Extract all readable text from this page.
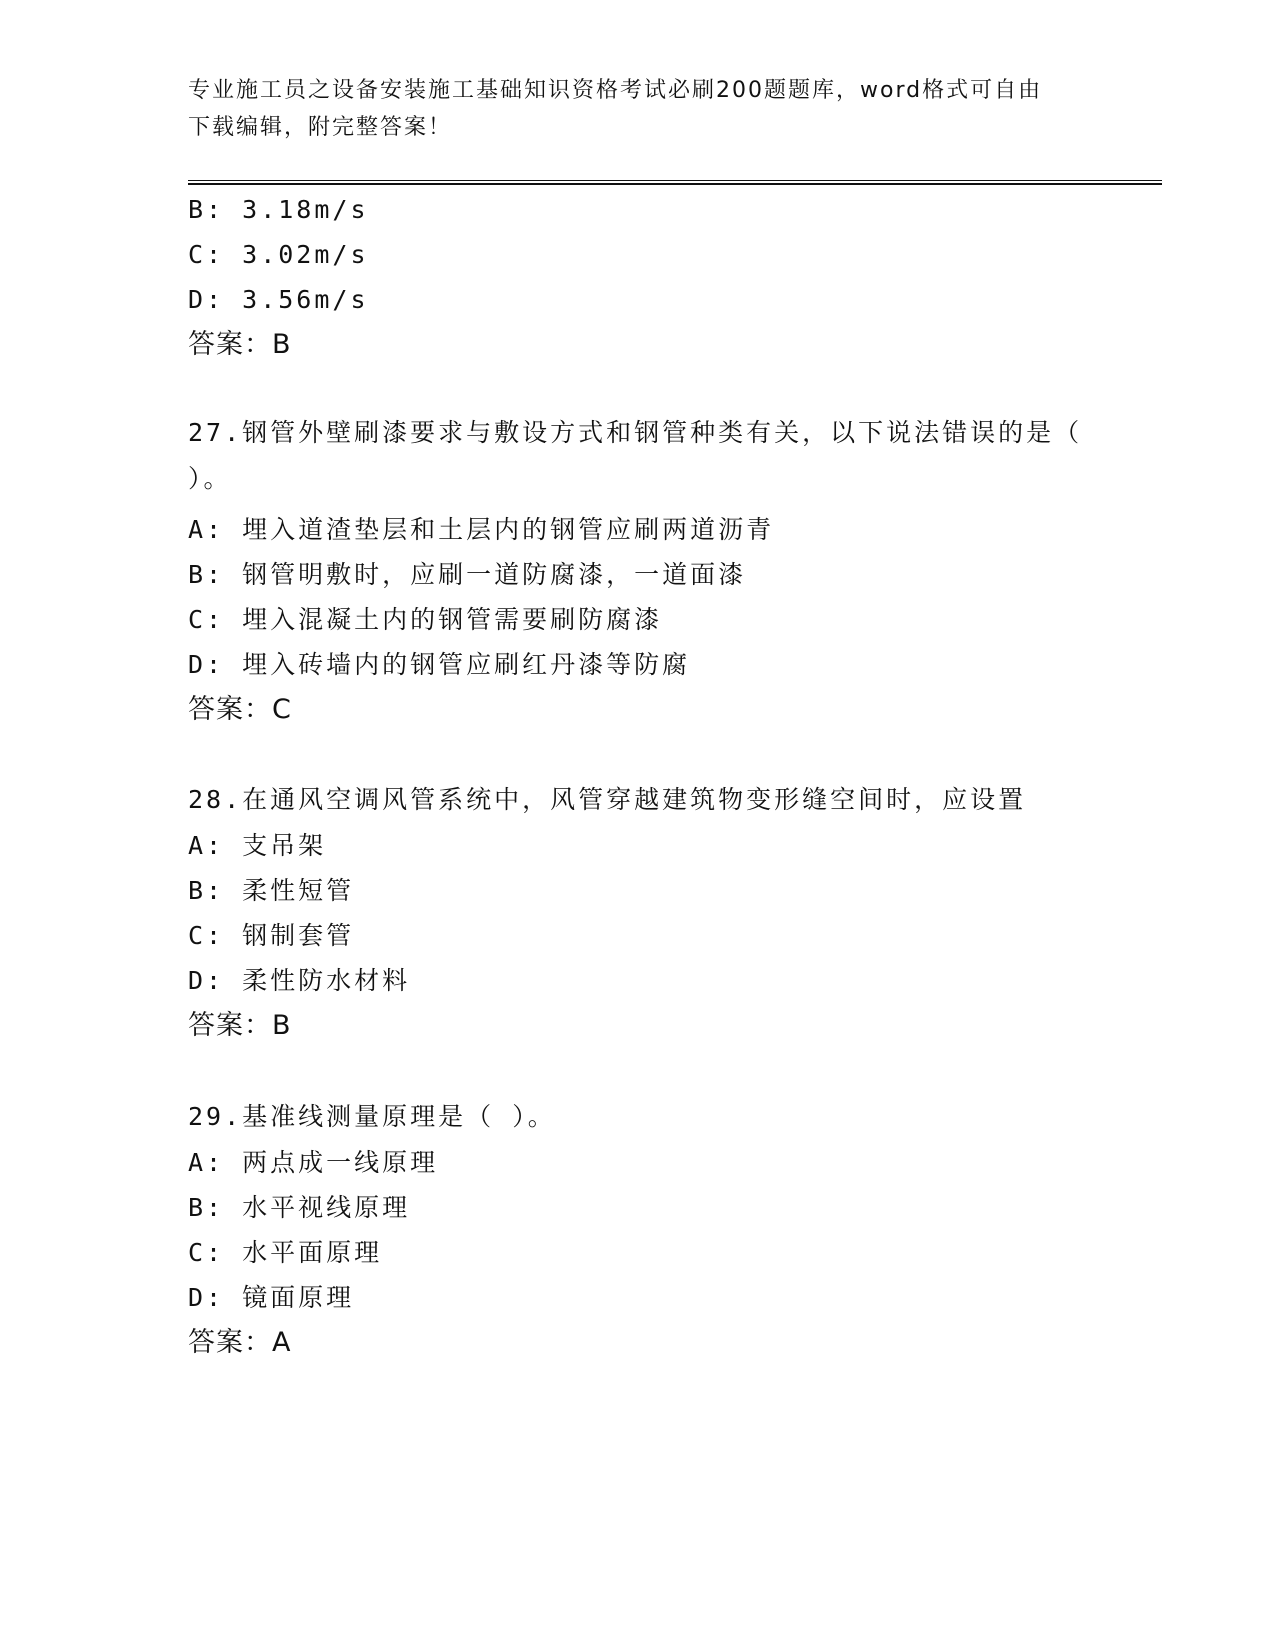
专业施工员之设备安装施工基础知识资格考试必刷200题题库，word格式可自由
下载编辑，附完整答案！
B: 3.18m/s
C: 3.02m/s
D: 3.56m/s
答案：B
27.钢管外壁刷漆要求与敷设方式和钢管种类有关，以下说法错误的是（ ）。
A: 埋入道渣垫层和土层内的钢管应刷两道沥青
B: 钢管明敷时，应刷一道防腐漆，一道面漆
C: 埋入混凝土内的钢管需要刷防腐漆
D: 埋入砖墙内的钢管应刷红丹漆等防腐
答案：C
28.在通风空调风管系统中，风管穿越建筑物变形缝空间时，应设置
A: 支吊架
B: 柔性短管
C: 钢制套管
D: 柔性防水材料
答案：B
29.基准线测量原理是（ ）。
A: 两点成一线原理
B: 水平视线原理
C: 水平面原理
D: 镜面原理
答案：A
